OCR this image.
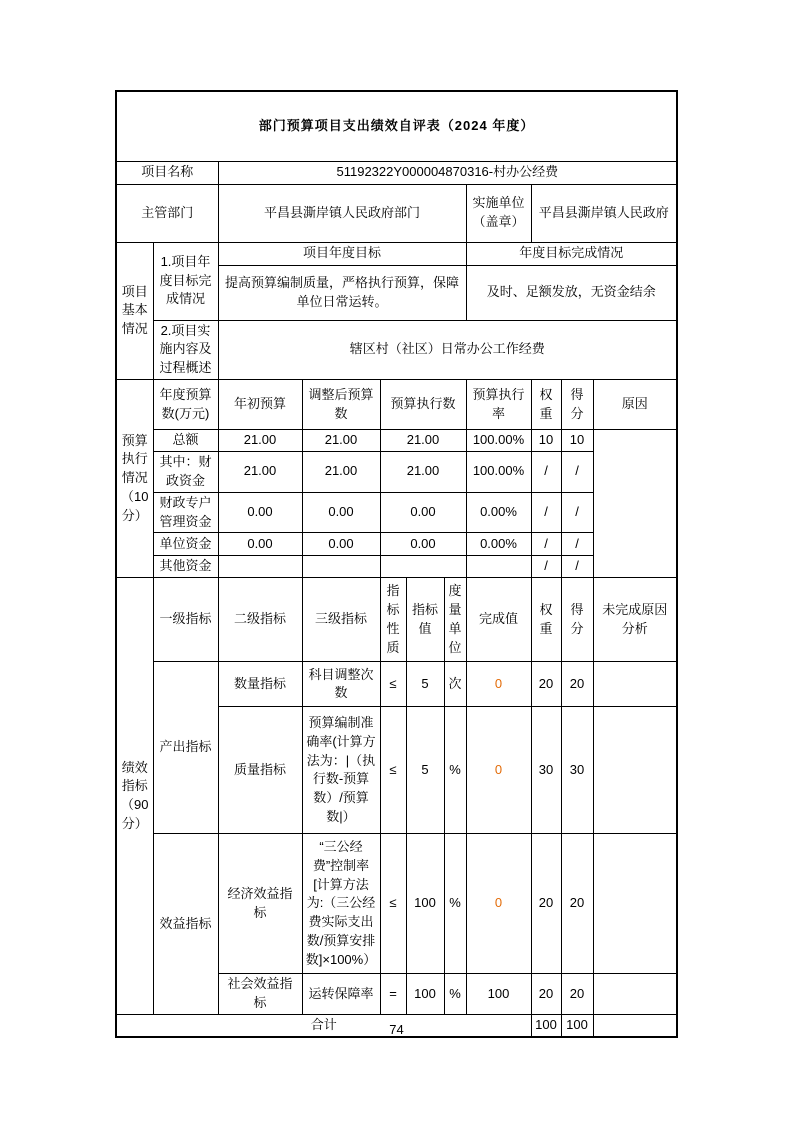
部门预算项目支出绩效自评表（2024 年度）										
项目名称		51192322Y000004870316-村办公经费								
主管部门		平昌县澌岸镇人民政府部门					实施单位（盖章）	平昌县澌岸镇人民政府		
项目基本情况	1.项目年度目标完成情况	项目年度目标					年度目标完成情况			
		提高预算编制质量，严格执行预算，保障单位日常运转。					及时、足额发放，无资金结余			
	2.项目实施内容及过程概述	辖区村（社区）日常办公工作经费								
预算执行情况（10分）	年度预算数(万元)	年初预算	调整后预算数	预算执行数			预算执行率	权重	得分	原因
	总额	21.00	21.00	21.00			100.00%	10	10	
	其中：财政资金	21.00	21.00	21.00			100.00%	/	/	
	财政专户管理资金	0.00	0.00	0.00			0.00%	/	/	
	单位资金	0.00	0.00	0.00			0.00%	/	/	
	其他资金							/	/	
绩效指标（90分）	一级指标	二级指标	三级指标	指标性质	指标值	度量单位	完成值	权重	得分	未完成原因分析
	产出指标	数量指标	科目调整次数	≤	5	次	0	20	20	
		质量指标	预算编制准确率(计算方法为：|（执行数-预算数）/预算数|）	≤	5	%	0	30	30	
	效益指标	经济效益指标	“三公经费”控制率[计算方法为:（三公经费实际支出数/预算安排数]×100%）	≤	100	%	0	20	20	
		社会效益指标	运转保障率	=	100	%	100	20	20	
合计								100	100	
74
